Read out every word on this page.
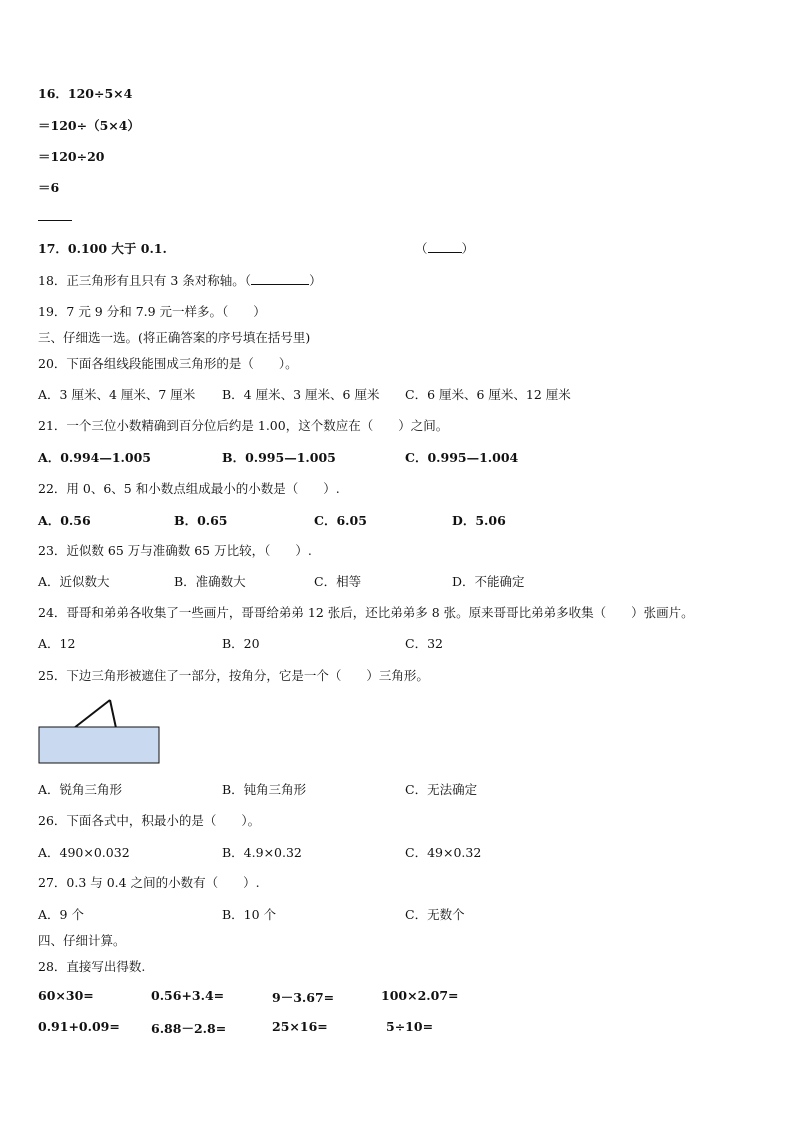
16．120÷5×4
＝120÷（5×4）
＝120÷20
＝6
17．0.100 大于 0.1.	（	）
18．正三角形有且只有 3 条对称轴。（	）
19．7 元 9 分和 7.9 元一样多。（　　）
三、仔细选一选。(将正确答案的序号填在括号里)
20．下面各组线段能围成三角形的是（　　）。
A．3 厘米、4 厘米、7 厘米 B．4 厘米、3 厘米、6 厘米 C．6 厘米、6 厘米、12 厘米
21．一个三位小数精确到百分位后约是 1.00，这个数应在（　　）之间。
A．0.994—1.005	B．0.995—1.005	C．0.995—1.004
22．用 0、6、5 和小数点组成最小的小数是（　　）.
A．0.56	B．0.65	C．6.05	D．5.06
23．近似数 65 万与准确数 65 万比较，（　　）.
A．近似数大	B．准确数大	C．相等	D．不能确定
24．哥哥和弟弟各收集了一些画片，哥哥给弟弟 12 张后，还比弟弟多 8 张。原来哥哥比弟弟多收集（　　）张画片。
A．12	B．20	C．32
25．下边三角形被遮住了一部分，按角分，它是一个（　　）三角形。
A．锐角三角形	B．钝角三角形	C．无法确定
26．下面各式中，积最小的是（　　）。
A．490×0.032	B．4.9×0.32	C．49×0.32
27．0.3 与 0.4 之间的小数有（　　）.
A．9 个	B．10 个	C．无数个
四、仔细计算。
28．直接写出得数.
60×30=	0.56+3.4=	9－3.67=	100×2.07=
0.91+0.09= 6.88－2.8=	25×16=	5÷10=
